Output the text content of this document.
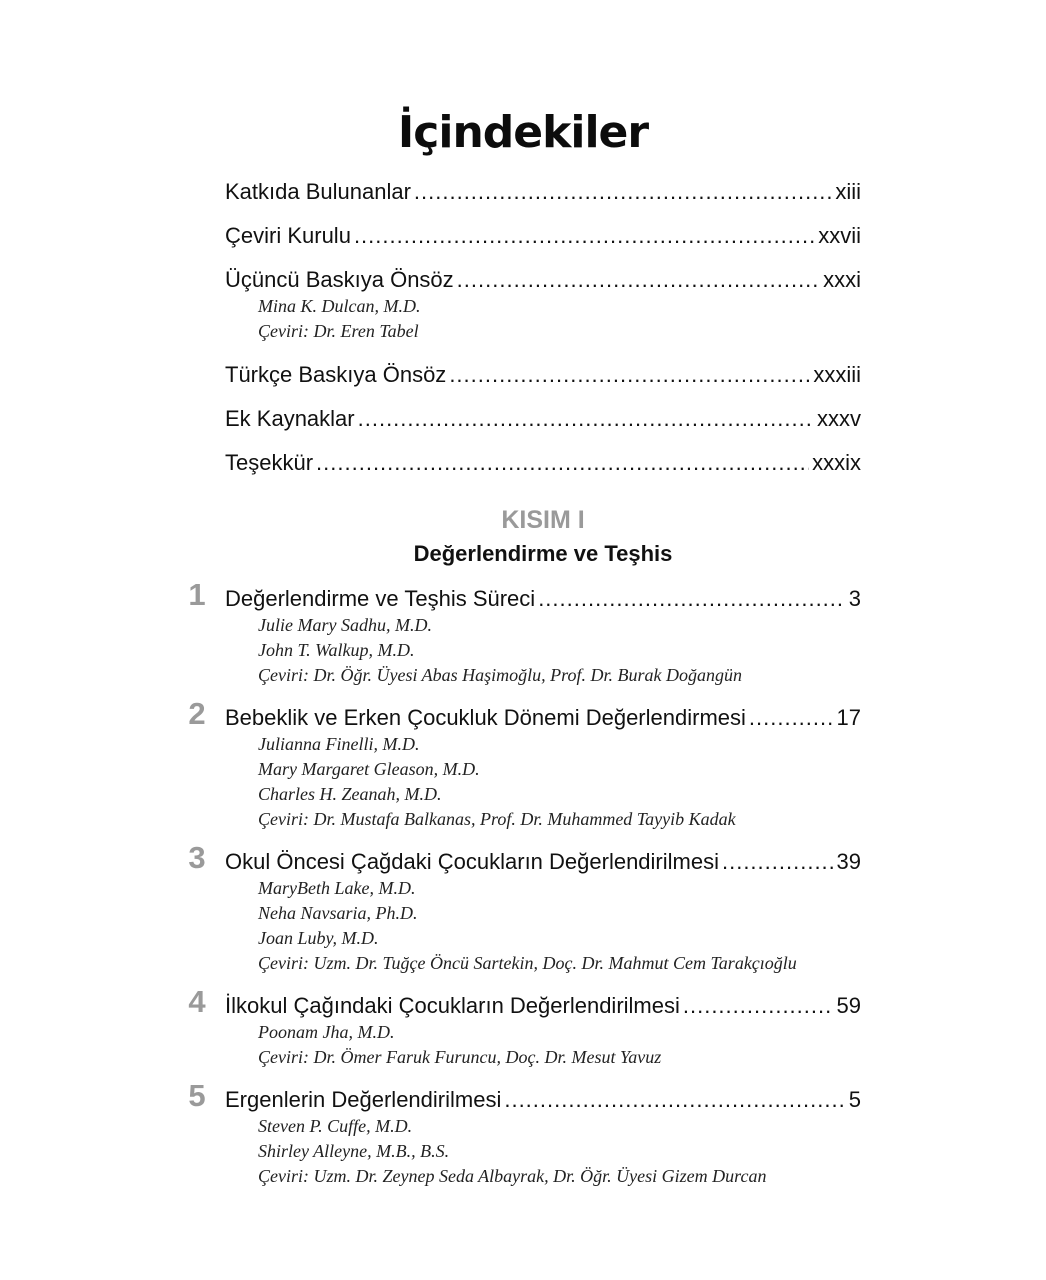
İçindekiler
Katkıda Bulunanlar .....	xiii
Çeviri Kurulu .....	xxvii
Üçüncü Baskıya Önsöz .....	xxxi
Mina K. Dulcan, M.D.
Çeviri: Dr. Eren Tabel
Türkçe Baskıya Önsöz .....	xxxiii
Ek Kaynaklar .....	xxxv
Teşekkür .....	xxxix
KISIM I
Değerlendirme ve Teşhis
1 Değerlendirme ve Teşhis Süreci .....	3
Julie Mary Sadhu, M.D.
John T. Walkup, M.D.
Çeviri: Dr. Öğr. Üyesi Abas Haşimoğlu, Prof. Dr. Burak Doğangün
2 Bebeklik ve Erken Çocukluk Dönemi Değerlendirmesi .....	17
Julianna Finelli, M.D.
Mary Margaret Gleason, M.D.
Charles H. Zeanah, M.D.
Çeviri: Dr. Mustafa Balkanas, Prof. Dr. Muhammed Tayyib Kadak
3 Okul Öncesi Çağdaki Çocukların Değerlendirilmesi .....	39
MaryBeth Lake, M.D.
Neha Navsaria, Ph.D.
Joan Luby, M.D.
Çeviri: Uzm. Dr. Tuğçe Öncü Sartekin, Doç. Dr. Mahmut Cem Tarakçıoğlu
4 İlkokul Çağındaki Çocukların Değerlendirilmesi .....	59
Poonam Jha, M.D.
Çeviri: Dr. Ömer Faruk Furuncu, Doç. Dr. Mesut Yavuz
5 Ergenlerin Değerlendirilmesi .....	5
Steven P. Cuffe, M.D.
Shirley Alleyne, M.B., B.S.
Çeviri: Uzm. Dr. Zeynep Seda Albayrak, Dr. Öğr. Üyesi Gizem Durcan
